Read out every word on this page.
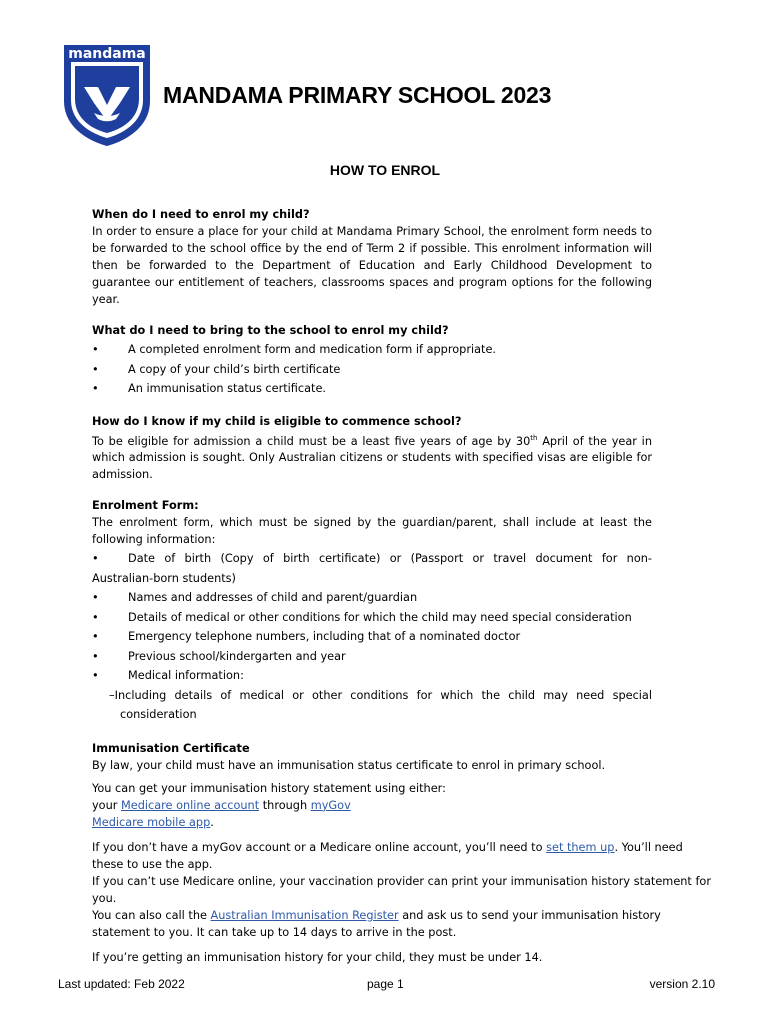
mandama
MANDAMA PRIMARY SCHOOL 2023
HOW TO ENROL

When do I need to enrol my child?

In order to ensure a place for your child at Mandama Primary School, the enrolment form needs to be forwarded to the school office by the end of Term 2 if possible. This enrolment information will then be forwarded to the Department of Education and Early Childhood Development to guarantee our entitlement of teachers, classrooms spaces and program options for the following year.

What do I need to bring to the school to enrol my child?

•	A completed enrolment form and medication form if appropriate.
•	A copy of your child’s birth certificate
•	An immunisation status certificate.

How do I know if my child is eligible to commence school?

To be eligible for admission a child must be a least five years of age by 30th April of the year in which admission is sought. Only Australian citizens or students with specified visas are eligible for admission.

Enrolment Form:

The enrolment form, which must be signed by the guardian/parent, shall include at least the following information:

•	Date of birth (Copy of birth certificate) or (Passport or travel document for non-
Australian-born students)
•	Names and addresses of child and parent/guardian
•	Details of medical or other conditions for which the child may need special consideration
•	Emergency telephone numbers, including that of a nominated doctor
•	Previous school/kindergarten and year
•	Medical information:
–Including details of medical or other conditions for which the child may need special
consideration

Immunisation Certificate

By law, your child must have an immunisation status certificate to enrol in primary school.

You can get your immunisation history statement using either:

your Medicare online account through myGov

Medicare mobile app.

If you don’t have a myGov account or a Medicare online account, you’ll need to set them up. You’ll need these to use the app.

If you can’t use Medicare online, your vaccination provider can print your immunisation history statement for you.

You can also call the Australian Immunisation Register and ask us to send your immunisation history statement to you. It can take up to 14 days to arrive in the post.

If you’re getting an immunisation history for your child, they must be under 14.

Last updated: Feb 2022	page 1	version 2.10
